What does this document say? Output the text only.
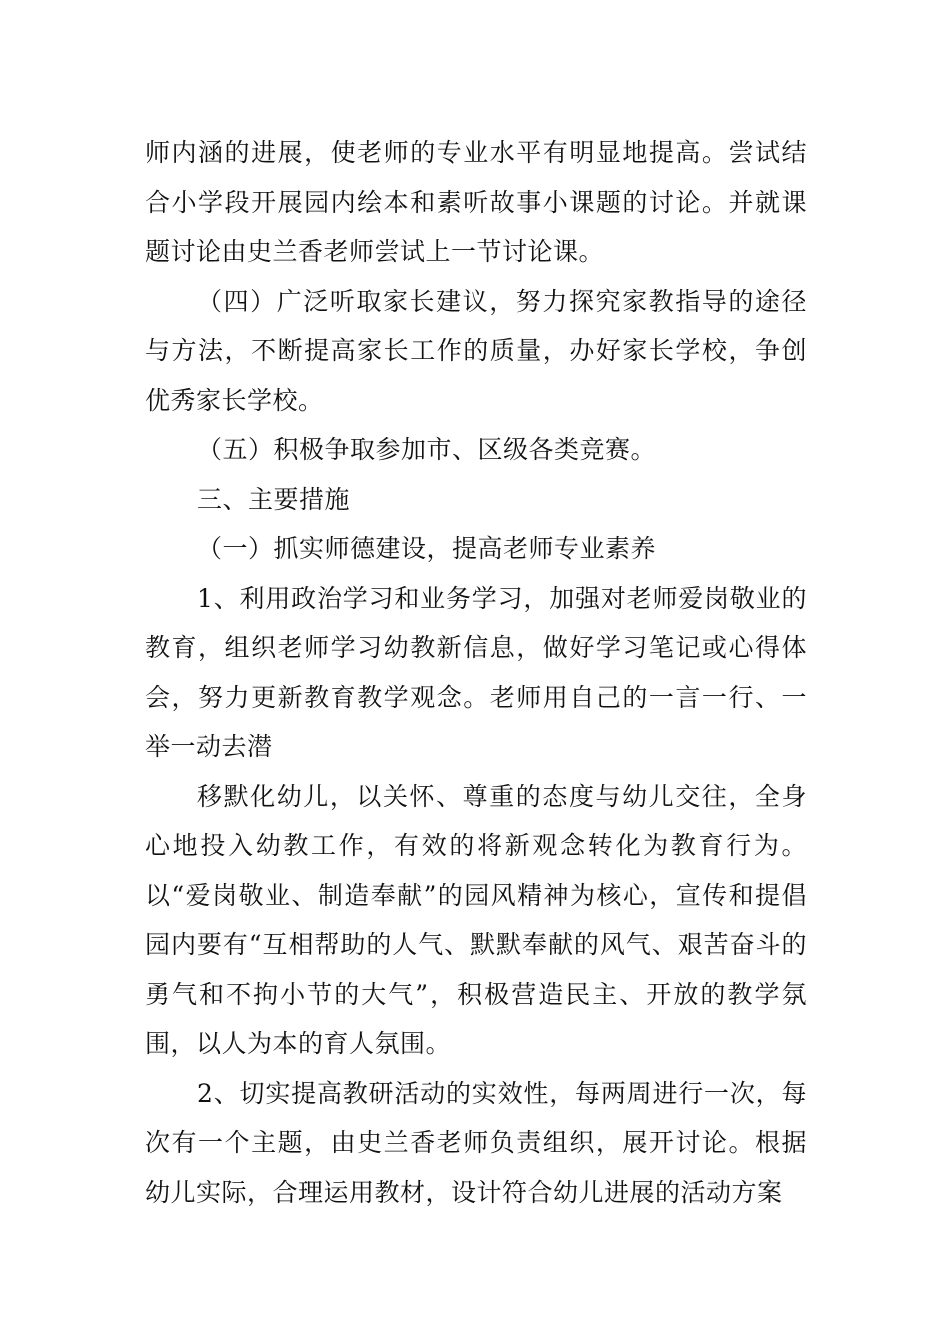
师内涵的进展，使老师的专业水平有明显地提高。尝试结合小学段开展园内绘本和素听故事小课题的讨论。并就课题讨论由史兰香老师尝试上一节讨论课。

（四）广泛听取家长建议，努力探究家教指导的途径与方法，不断提高家长工作的质量，办好家长学校，争创优秀家长学校。

（五）积极争取参加市、区级各类竞赛。

三、主要措施

（一）抓实师德建设，提高老师专业素养

1、利用政治学习和业务学习，加强对老师爱岗敬业的教育，组织老师学习幼教新信息，做好学习笔记或心得体会，努力更新教育教学观念。老师用自己的一言一行、一举一动去潜

移默化幼儿，以关怀、尊重的态度与幼儿交往，全身心地投入幼教工作，有效的将新观念转化为教育行为。以“爱岗敬业、制造奉献”的园风精神为核心，宣传和提倡园内要有“互相帮助的人气、默默奉献的风气、艰苦奋斗的勇气和不拘小节的大气”，积极营造民主、开放的教学氛围，以人为本的育人氛围。

2、切实提高教研活动的实效性，每两周进行一次，每次有一个主题，由史兰香老师负责组织，展开讨论。根据幼儿实际，合理运用教材，设计符合幼儿进展的活动方案
